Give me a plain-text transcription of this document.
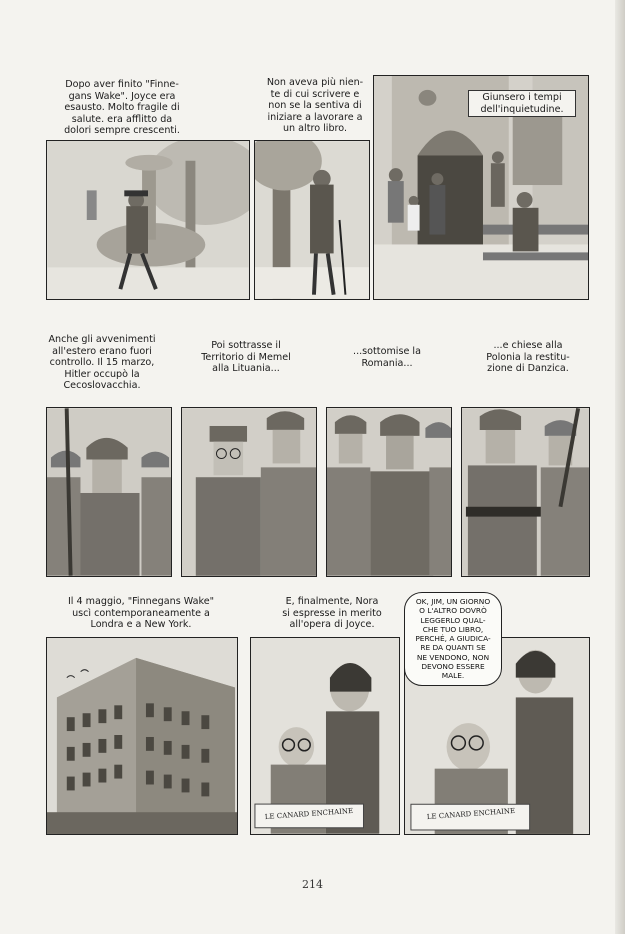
Dopo aver finito "Finne-
gans Wake". Joyce era
esausto. Molto fragile di
salute. era afflitto da
dolori sempre crescenti.
Non aveva più nien-
te di cui scrivere e
non se la sentiva di
iniziare a lavorare a
un altro libro.
Giunsero i tempi
dell'inquietudine.
Anche gli avvenimenti
all'estero erano fuori
controllo. Il 15 marzo,
Hitler occupò la
Cecoslovacchia.
Poi sottrasse il
Territorio di Memel
alla Lituania...
...sottomise la
Romania...
...e chiese alla
Polonia la restitu-
zione di Danzica.
Il 4 maggio, "Finnegans Wake"
uscì contemporaneamente a
Londra e a New York.
E, finalmente, Nora
si espresse in merito
all'opera di Joyce.
LE CANARD ENCHAINE	LE CANARD ENCHAINE
OK, JIM, UN GIORNO
O L'ALTRO DOVRÒ
LEGGERLO QUAL-
CHE TUO LIBRO,
PERCHÉ, A GIUDICA-
RE DA QUANTI SE
NE VENDONO, NON
DEVONO ESSERE
MALE.
214
